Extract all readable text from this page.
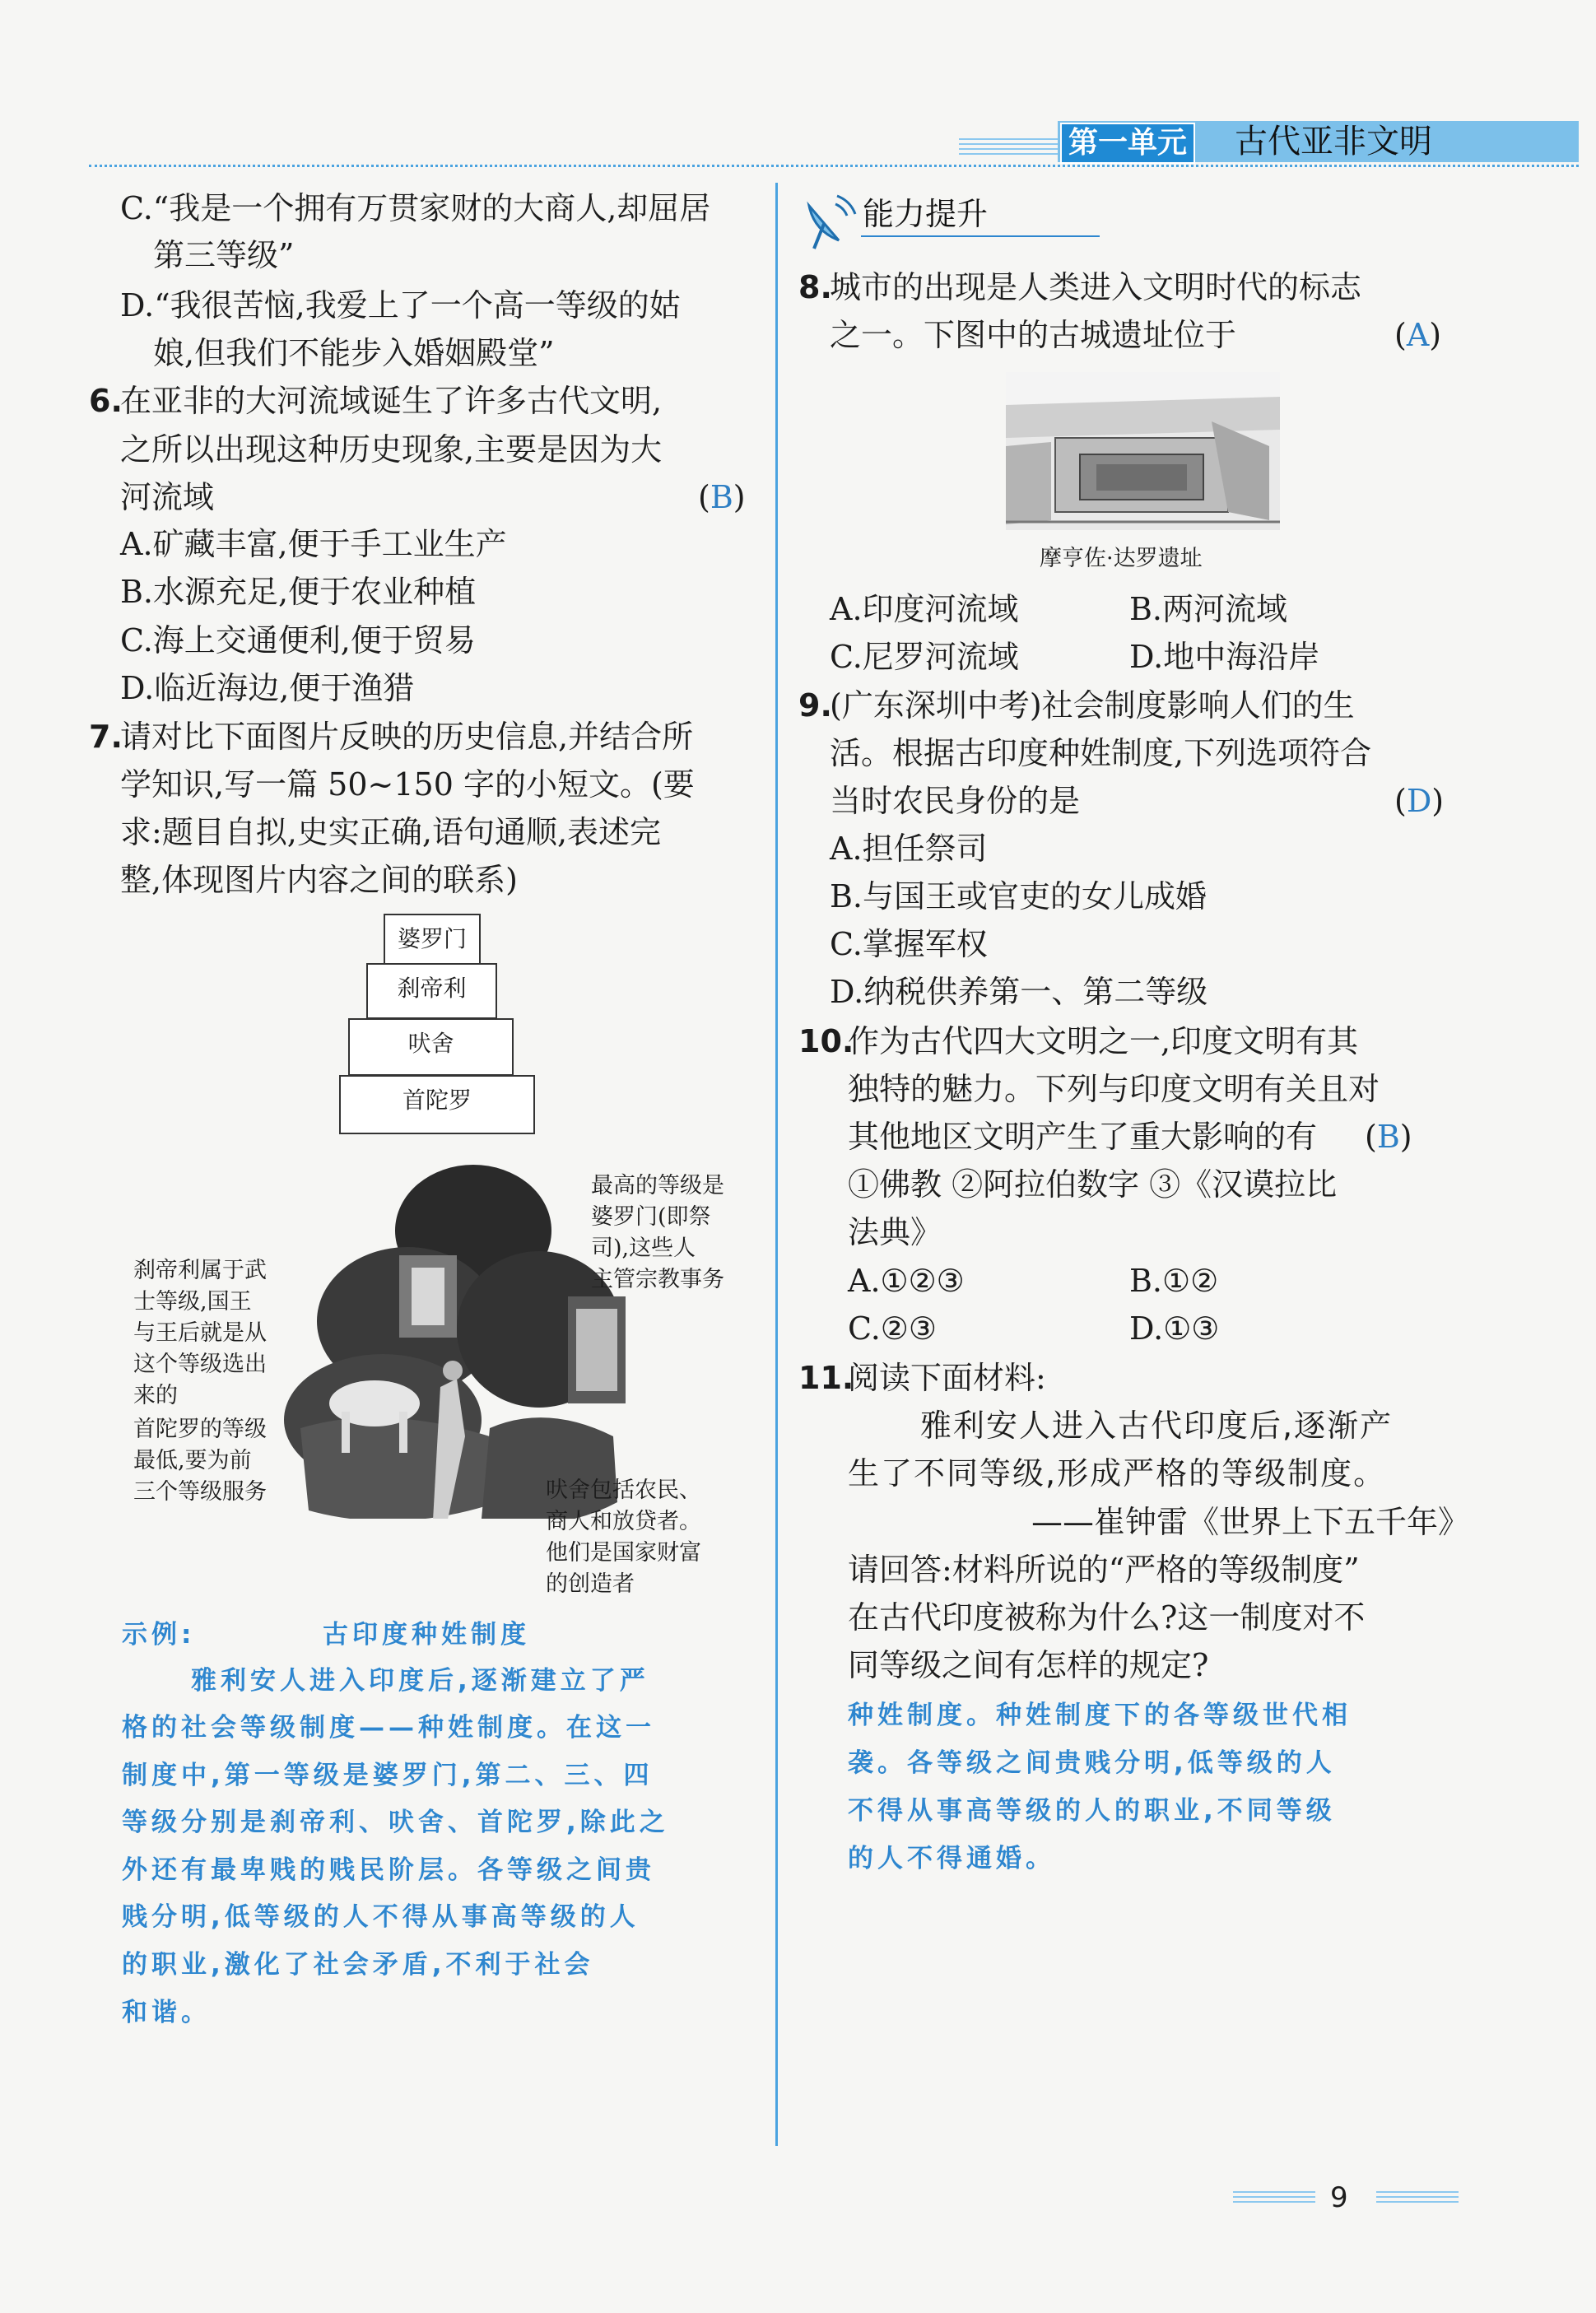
第一单元 古代亚非文明
C.“我是一个拥有万贯家财的大商人,却屈居
第三等级”
D.“我很苦恼,我爱上了一个高一等级的姑
娘,但我们不能步入婚姻殿堂”
6.
在亚非的大河流域诞生了许多古代文明,
之所以出现这种历史现象,主要是因为大
河流域	(B)
A.矿藏丰富,便于手工业生产
B.水源充足,便于农业种植
C.海上交通便利,便于贸易
D.临近海边,便于渔猎
7.
请对比下面图片反映的历史信息,并结合所
学知识,写一篇 50~150 字的小短文。(要
求:题目自拟,史实正确,语句通顺,表述完
整,体现图片内容之间的联系)
婆罗门
刹帝利
吠舍
首陀罗
最高的等级是
婆罗门(即祭
司),这些人
主管宗教事务
刹帝利属于武
士等级,国王
与王后就是从
这个等级选出
来的
首陀罗的等级
最低,要为前
三个等级服务	吠舍包括农民、
商人和放贷者。
他们是国家财富
的创造者
示例:	古印度种姓制度
雅利安人进入印度后,逐渐建立了严
格的社会等级制度——种姓制度。在这一
制度中,第一等级是婆罗门,第二、三、四
等级分别是刹帝利、吠舍、首陀罗,除此之
外还有最卑贱的贱民阶层。各等级之间贵
贱分明,低等级的人不得从事高等级的人
的职业,激化了社会矛盾,不利于社会
和谐。
能力提升
8.
城市的出现是人类进入文明时代的标志
之一。下图中的古城遗址位于	(A)
摩亨佐·达罗遗址
A.印度河流域	B.两河流域
C.尼罗河流域	D.地中海沿岸
9.
(广东深圳中考)社会制度影响人们的生
活。根据古印度种姓制度,下列选项符合
当时农民身份的是	(D)
A.担任祭司
B.与国王或官吏的女儿成婚
C.掌握军权
D.纳税供养第一、第二等级
10.
作为古代四大文明之一,印度文明有其
独特的魅力。下列与印度文明有关且对
其他地区文明产生了重大影响的有 (B)
①佛教 ②阿拉伯数字 ③《汉谟拉比
法典》
A.①②③	B.①②
C.②③	D.①③
11.
阅读下面材料:
雅利安人进入古代印度后,逐渐产
生了不同等级,形成严格的等级制度。
——崔钟雷《世界上下五千年》
请回答:材料所说的“严格的等级制度”
在古代印度被称为什么?这一制度对不
同等级之间有怎样的规定?
种姓制度。种姓制度下的各等级世代相
袭。各等级之间贵贱分明,低等级的人
不得从事高等级的人的职业,不同等级
的人不得通婚。
9
